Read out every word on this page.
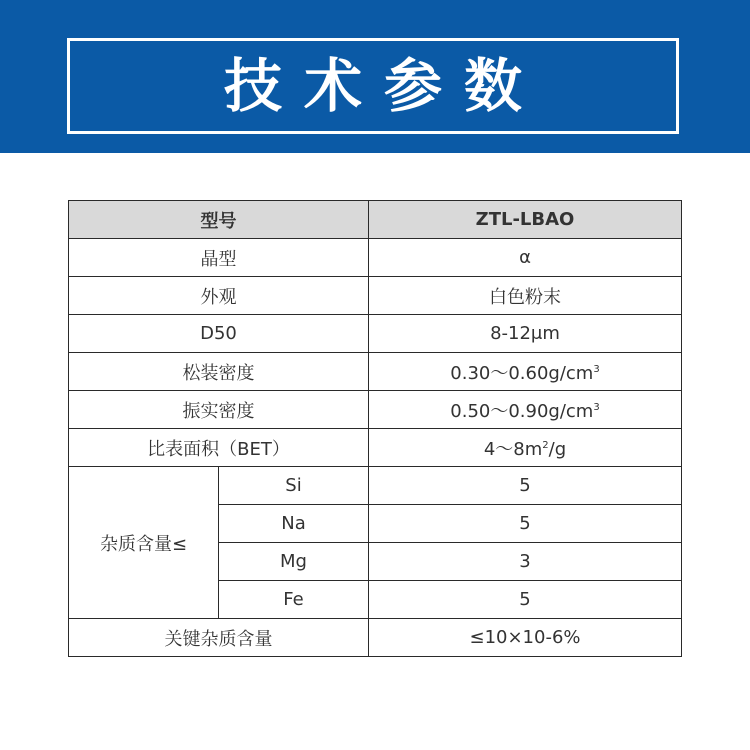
技术参数
型号		ZTL-LBAO
晶型		α
外观		白色粉末
D50		8-12μm
松装密度		$0.30\sim 0.60g/cm^3$
振实密度		$0.50\sim 0.90g/cm^3$
比表面积（BET）		$4\sim 8m^2/g$
杂质含量≤	Si	5
	Na	5
	Mg	3
	Fe	5
关键杂质含量		≤10×10-6%
